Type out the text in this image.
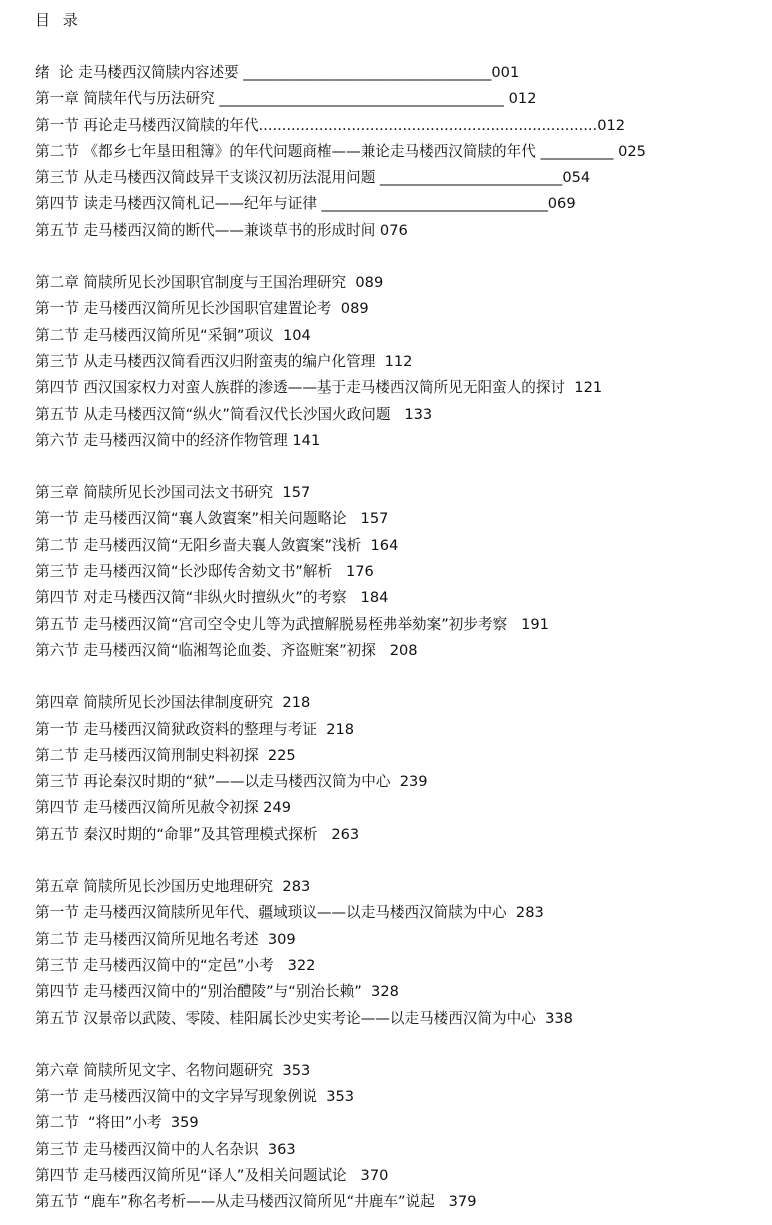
目 录
绪  论 走马楼西汉简牍内容述要 __________________________________001
第一章 简牍年代与历法研究 _______________________________________ 012
第一节 再论走马楼西汉简牍的年代.........................................................................012
第二节 《都乡七年垦田租簿》的年代问题商榷——兼论走马楼西汉简牍的年代 __________ 025
第三节 从走马楼西汉简歧异干支谈汉初历法混用问题 _________________________054
第四节 读走马楼西汉简札记——纪年与证律 _______________________________069
第五节 走马楼西汉简的断代——兼谈草书的形成时间 076
第二章 简牍所见长沙国职官制度与王国治理研究  089
第一节 走马楼西汉简所见长沙国职官建置论考  089
第二节 走马楼西汉简所见“采铜”项议  104
第三节 从走马楼西汉简看西汉归附蛮夷的编户化管理  112
第四节 西汉国家权力对蛮人族群的渗透——基于走马楼西汉简所见无阳蛮人的探讨  121
第五节 从走马楼西汉简“纵火”简看汉代长沙国火政问题   133
第六节 走马楼西汉简中的经济作物管理 141
第三章 简牍所见长沙国司法文书研究  157
第一节 走马楼西汉简“襄人敛賨案”相关问题略论   157
第二节 走马楼西汉简“无阳乡啬夫襄人敛賨案”浅析  164
第三节 走马楼西汉简“长沙邸传舍劾文书”解析   176
第四节 对走马楼西汉简“非纵火时擅纵火”的考察   184
第五节 走马楼西汉简“宫司空令史儿等为武擅解脱易桎弗举劾案”初步考察   191
第六节 走马楼西汉简“临湘驾论血娄、齐盗赃案”初探   208
第四章 简牍所见长沙国法律制度研究  218
第一节 走马楼西汉简狱政资料的整理与考证  218
第二节 走马楼西汉简刑制史料初探  225
第三节 再论秦汉时期的“狱”——以走马楼西汉简为中心  239
第四节 走马楼西汉简所见赦令初探 249
第五节 秦汉时期的“命罪”及其管理模式探析   263
第五章 简牍所见长沙国历史地理研究  283
第一节 走马楼西汉简牍所见年代、疆域琐议——以走马楼西汉简牍为中心  283
第二节 走马楼西汉简所见地名考述  309
第三节 走马楼西汉简中的“定邑”小考   322
第四节 走马楼西汉简中的“别治醴陵”与“别治长赖”  328
第五节 汉景帝以武陵、零陵、桂阳属长沙史实考论——以走马楼西汉简为中心  338
第六章 简牍所见文字、名物问题研究  353
第一节 走马楼西汉简中的文字异写现象例说  353
第二节  “将田”小考  359
第三节 走马楼西汉简中的人名杂识  363
第四节 走马楼西汉简所见“译人”及相关问题试论   370
第五节 “鹿车”称名考析——从走马楼西汉简所见“井鹿车”说起   379
